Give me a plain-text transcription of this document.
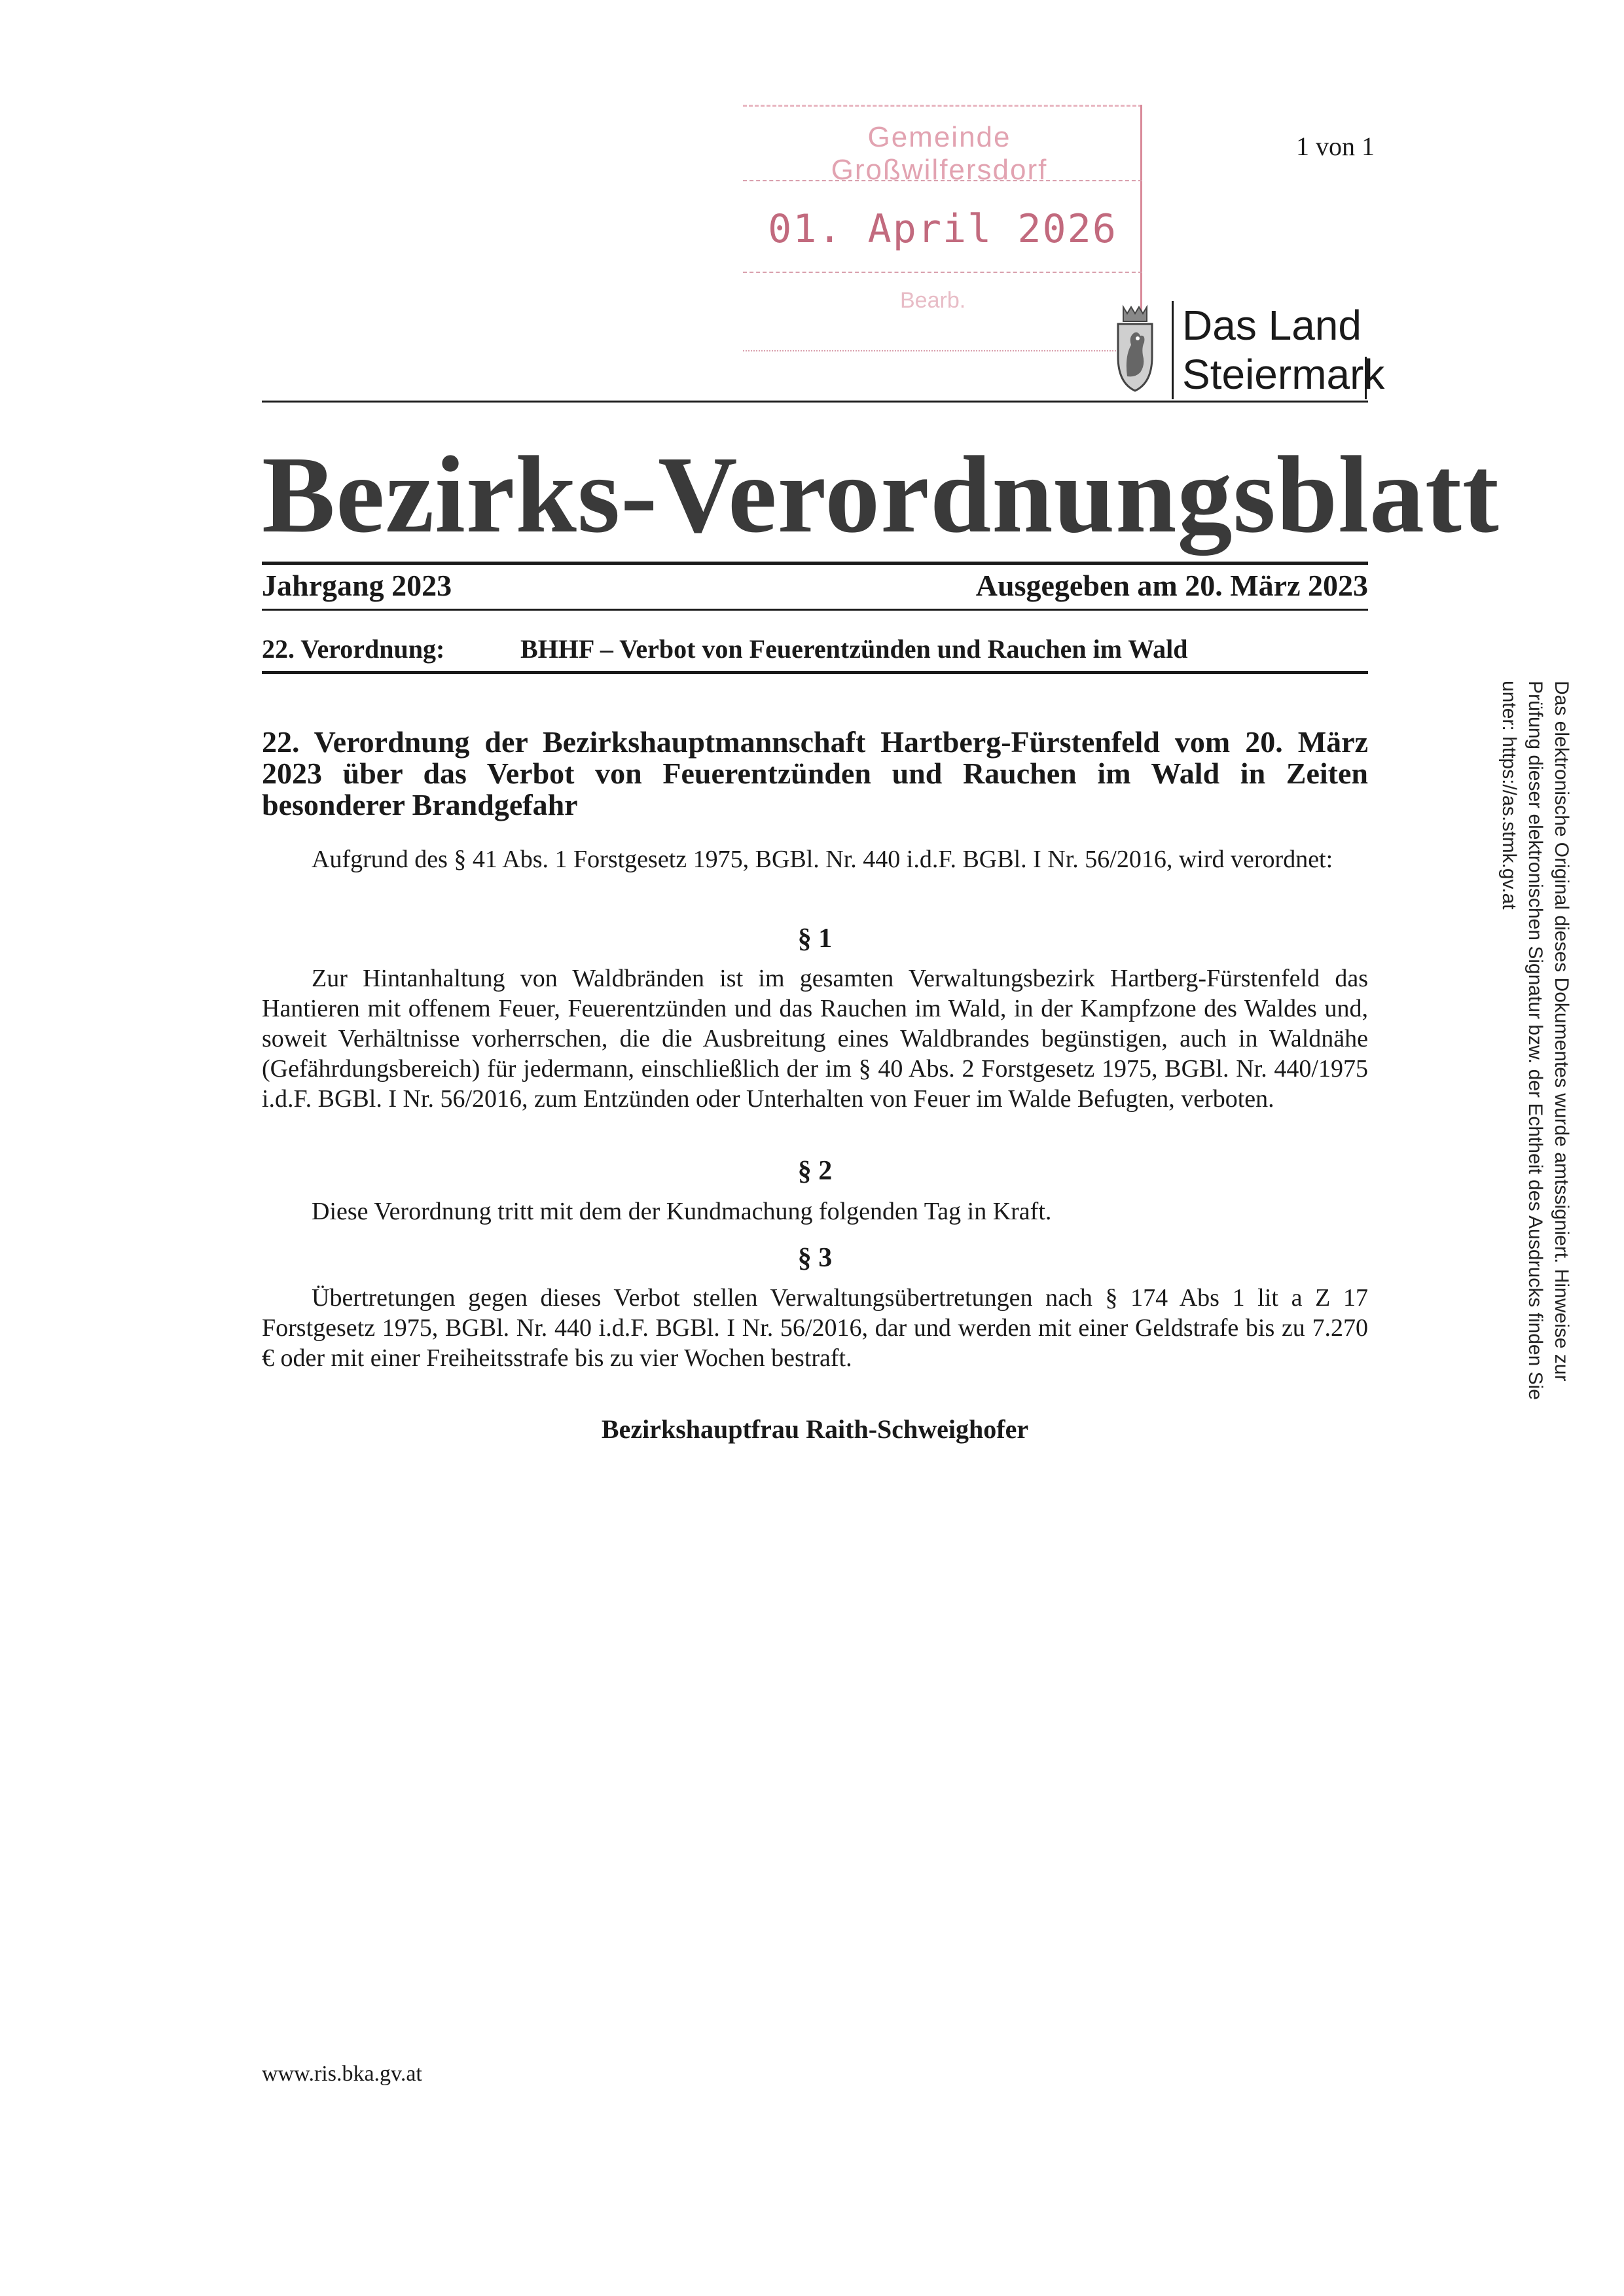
Gemeinde Großwilfersdorf
01. April 2026
Bearb.
1 von 1
Das Land
Steiermark
Bezirks-Verordnungsblatt
Jahrgang 2023	Ausgegeben am 20. März 2023
22. Verordnung:	BHHF – Verbot von Feuerentzünden und Rauchen im Wald
22. Verordnung der Bezirkshauptmannschaft Hartberg-Fürstenfeld vom 20. März 2023 über das Verbot von Feuerentzünden und Rauchen im Wald in Zeiten besonderer Brandgefahr
Aufgrund des § 41 Abs. 1 Forstgesetz 1975, BGBl. Nr. 440 i.d.F. BGBl. I Nr. 56/2016, wird verordnet:
§ 1
Zur Hintanhaltung von Waldbränden ist im gesamten Verwaltungsbezirk Hartberg-Fürstenfeld das Hantieren mit offenem Feuer, Feuerentzünden und das Rauchen im Wald, in der Kampfzone des Waldes und, soweit Verhältnisse vorherrschen, die die Ausbreitung eines Waldbrandes begünstigen, auch in Waldnähe (Gefährdungsbereich) für jedermann, einschließlich der im § 40 Abs. 2 Forstgesetz 1975, BGBl. Nr. 440/1975 i.d.F. BGBl. I Nr. 56/2016, zum Entzünden oder Unterhalten von Feuer im Walde Befugten, verboten.
§ 2
Diese Verordnung tritt mit dem der Kundmachung folgenden Tag in Kraft.
§ 3
Übertretungen gegen dieses Verbot stellen Verwaltungsübertretungen nach § 174 Abs 1 lit a Z 17 Forstgesetz 1975, BGBl. Nr. 440 i.d.F. BGBl. I Nr. 56/2016, dar und werden mit einer Geldstrafe bis zu 7.270 € oder mit einer Freiheitsstrafe bis zu vier Wochen bestraft.
Bezirkshauptfrau Raith-Schweighofer
www.ris.bka.gv.at
Das elektronische Original dieses Dokumentes wurde amtssigniert. Hinweise zur Prüfung dieser elektronischen Signatur bzw. der Echtheit des Ausdrucks finden Sie unter: https://as.stmk.gv.at
